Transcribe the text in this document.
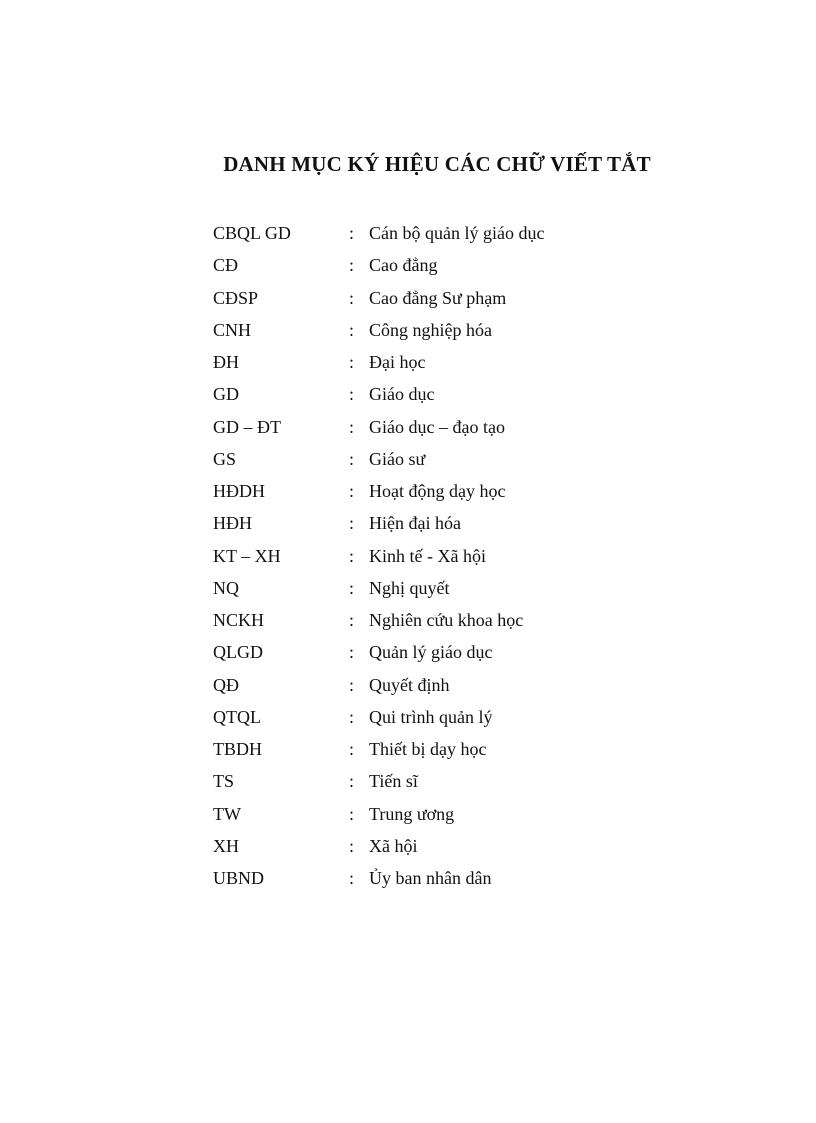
DANH MỤC KÝ HIỆU CÁC CHỮ VIẾT TẮT
CBQL GD	: Cán bộ quản lý giáo dục
CĐ	: Cao đẳng
CĐSP	: Cao đẳng Sư phạm
CNH	: Công nghiệp hóa
ĐH	: Đại học
GD	: Giáo dục
GD – ĐT	: Giáo dục – đạo tạo
GS	: Giáo sư
HĐDH	: Hoạt động dạy học
HĐH	: Hiện đại hóa
KT – XH	: Kinh tế - Xã hội
NQ	: Nghị quyết
NCKH	: Nghiên cứu khoa học
QLGD	: Quản lý giáo dục
QĐ	: Quyết định
QTQL	: Qui trình quản lý
TBDH	: Thiết bị dạy học
TS	: Tiến sĩ
TW	: Trung ương
XH	: Xã hội
UBND	: Ủy ban nhân dân
